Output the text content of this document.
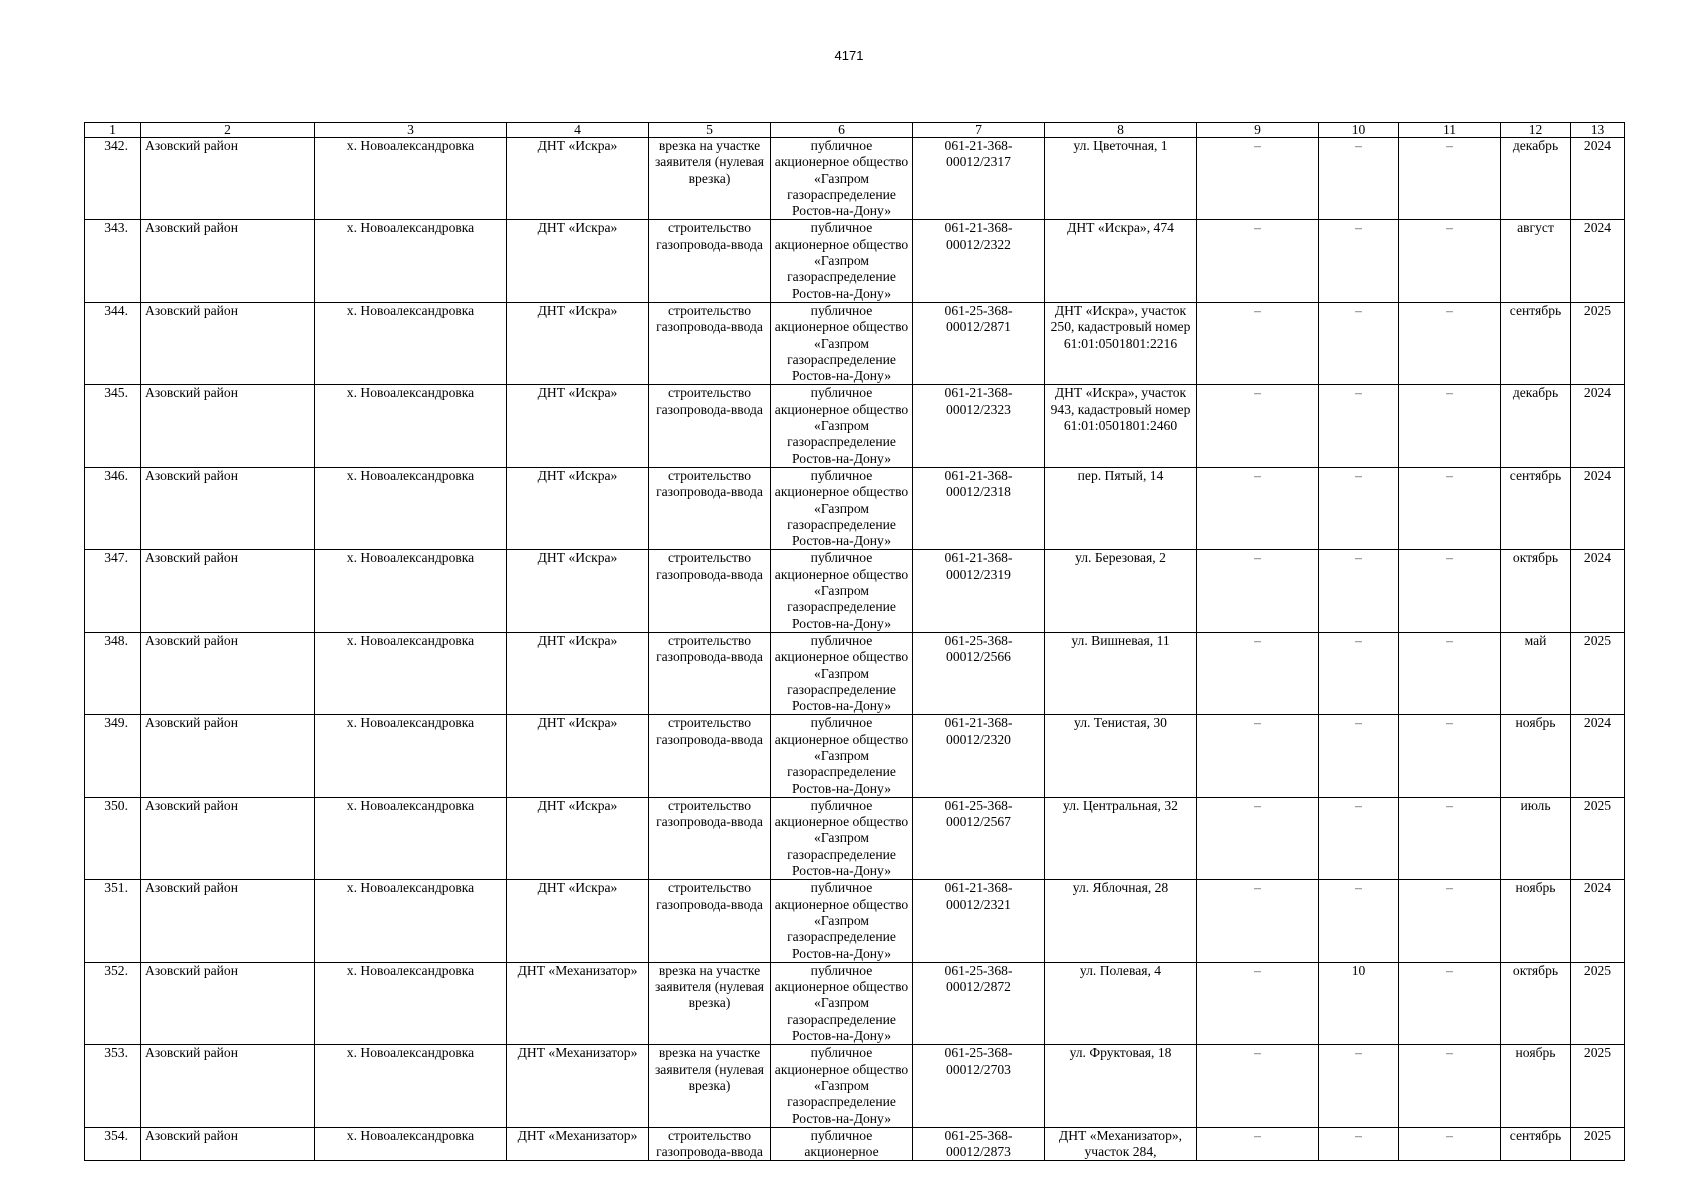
4171
1	2	3	4	5	6	7	8	9	10	11	12	13
342.	Азовский район	х. Новоалександровка	ДНТ «Искра»	врезка на участке заявителя (нулевая врезка)	публичное акционерное общество «Газпром газораспределение Ростов-на-Дону»	061-21-368-00012/2317	ул. Цветочная, 1	–	–	–	декабрь	2024
343.	Азовский район	х. Новоалександровка	ДНТ «Искра»	строительство газопровода-ввода	публичное акционерное общество «Газпром газораспределение Ростов-на-Дону»	061-21-368-00012/2322	ДНТ «Искра», 474	–	–	–	август	2024
344.	Азовский район	х. Новоалександровка	ДНТ «Искра»	строительство газопровода-ввода	публичное акционерное общество «Газпром газораспределение Ростов-на-Дону»	061-25-368-00012/2871	ДНТ «Искра», участок 250, кадастровый номер 61:01:0501801:2216	–	–	–	сентябрь	2025
345.	Азовский район	х. Новоалександровка	ДНТ «Искра»	строительство газопровода-ввода	публичное акционерное общество «Газпром газораспределение Ростов-на-Дону»	061-21-368-00012/2323	ДНТ «Искра», участок 943, кадастровый номер 61:01:0501801:2460	–	–	–	декабрь	2024
346.	Азовский район	х. Новоалександровка	ДНТ «Искра»	строительство газопровода-ввода	публичное акционерное общество «Газпром газораспределение Ростов-на-Дону»	061-21-368-00012/2318	пер. Пятый, 14	–	–	–	сентябрь	2024
347.	Азовский район	х. Новоалександровка	ДНТ «Искра»	строительство газопровода-ввода	публичное акционерное общество «Газпром газораспределение Ростов-на-Дону»	061-21-368-00012/2319	ул. Березовая, 2	–	–	–	октябрь	2024
348.	Азовский район	х. Новоалександровка	ДНТ «Искра»	строительство газопровода-ввода	публичное акционерное общество «Газпром газораспределение Ростов-на-Дону»	061-25-368-00012/2566	ул. Вишневая, 11	–	–	–	май	2025
349.	Азовский район	х. Новоалександровка	ДНТ «Искра»	строительство газопровода-ввода	публичное акционерное общество «Газпром газораспределение Ростов-на-Дону»	061-21-368-00012/2320	ул. Тенистая, 30	–	–	–	ноябрь	2024
350.	Азовский район	х. Новоалександровка	ДНТ «Искра»	строительство газопровода-ввода	публичное акционерное общество «Газпром газораспределение Ростов-на-Дону»	061-25-368-00012/2567	ул. Центральная, 32	–	–	–	июль	2025
351.	Азовский район	х. Новоалександровка	ДНТ «Искра»	строительство газопровода-ввода	публичное акционерное общество «Газпром газораспределение Ростов-на-Дону»	061-21-368-00012/2321	ул. Яблочная, 28	–	–	–	ноябрь	2024
352.	Азовский район	х. Новоалександровка	ДНТ «Механизатор»	врезка на участке заявителя (нулевая врезка)	публичное акционерное общество «Газпром газораспределение Ростов-на-Дону»	061-25-368-00012/2872	ул. Полевая, 4	–	10	–	октябрь	2025
353.	Азовский район	х. Новоалександровка	ДНТ «Механизатор»	врезка на участке заявителя (нулевая врезка)	публичное акционерное общество «Газпром газораспределение Ростов-на-Дону»	061-25-368-00012/2703	ул. Фруктовая, 18	–	–	–	ноябрь	2025
354.	Азовский район	х. Новоалександровка	ДНТ «Механизатор»	строительство газопровода-ввода	публичное акционерное	061-25-368-00012/2873	ДНТ «Механизатор», участок 284,	–	–	–	сентябрь	2025
